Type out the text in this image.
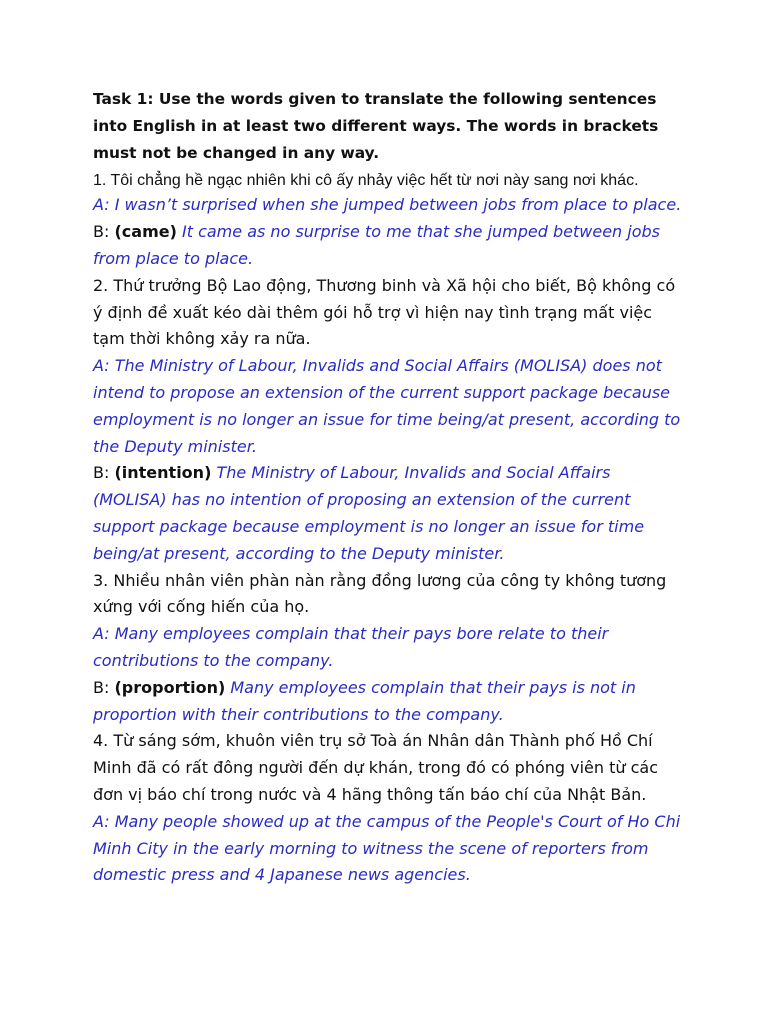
Task 1: Use the words given to translate the following sentences into English in at least two different ways. The words in brackets must not be changed in any way.

1. Tôi chẳng hề ngạc nhiên khi cô ấy nhảy việc hết từ nơi này sang nơi khác.

A: I wasn’t surprised when she jumped between jobs from place to place.

B: (came) It came as no surprise to me that she jumped between jobs from place to place.

2. Thứ trưởng Bộ Lao động, Thương binh và Xã hội cho biết, Bộ không có ý định đề xuất kéo dài thêm gói hỗ trợ vì hiện nay tình trạng mất việc tạm thời không xảy ra nữa.

A: The Ministry of Labour, Invalids and Social Affairs (MOLISA) does not intend to propose an extension of the current support package because employment is no longer an issue for time being/at present, according to the Deputy minister.

B: (intention) The Ministry of Labour, Invalids and Social Affairs (MOLISA) has no intention of proposing an extension of the current support package because employment is no longer an issue for time being/at present, according to the Deputy minister.

3. Nhiều nhân viên phàn nàn rằng đồng lương của công ty không tương xứng với cống hiến của họ.

A: Many employees complain that their pays bore relate to their contributions to the company.

B: (proportion) Many employees complain that their pays is not in proportion with their contributions to the company.

4. Từ sáng sớm, khuôn viên trụ sở Toà án Nhân dân Thành phố Hồ Chí Minh đã có rất đông người đến dự khán, trong đó có phóng viên từ các đơn vị báo chí trong nước và 4 hãng thông tấn báo chí của Nhật Bản.

A: Many people showed up at the campus of the People's Court of Ho Chi Minh City in the early morning to witness the scene of reporters from domestic press and 4 Japanese news agencies.
